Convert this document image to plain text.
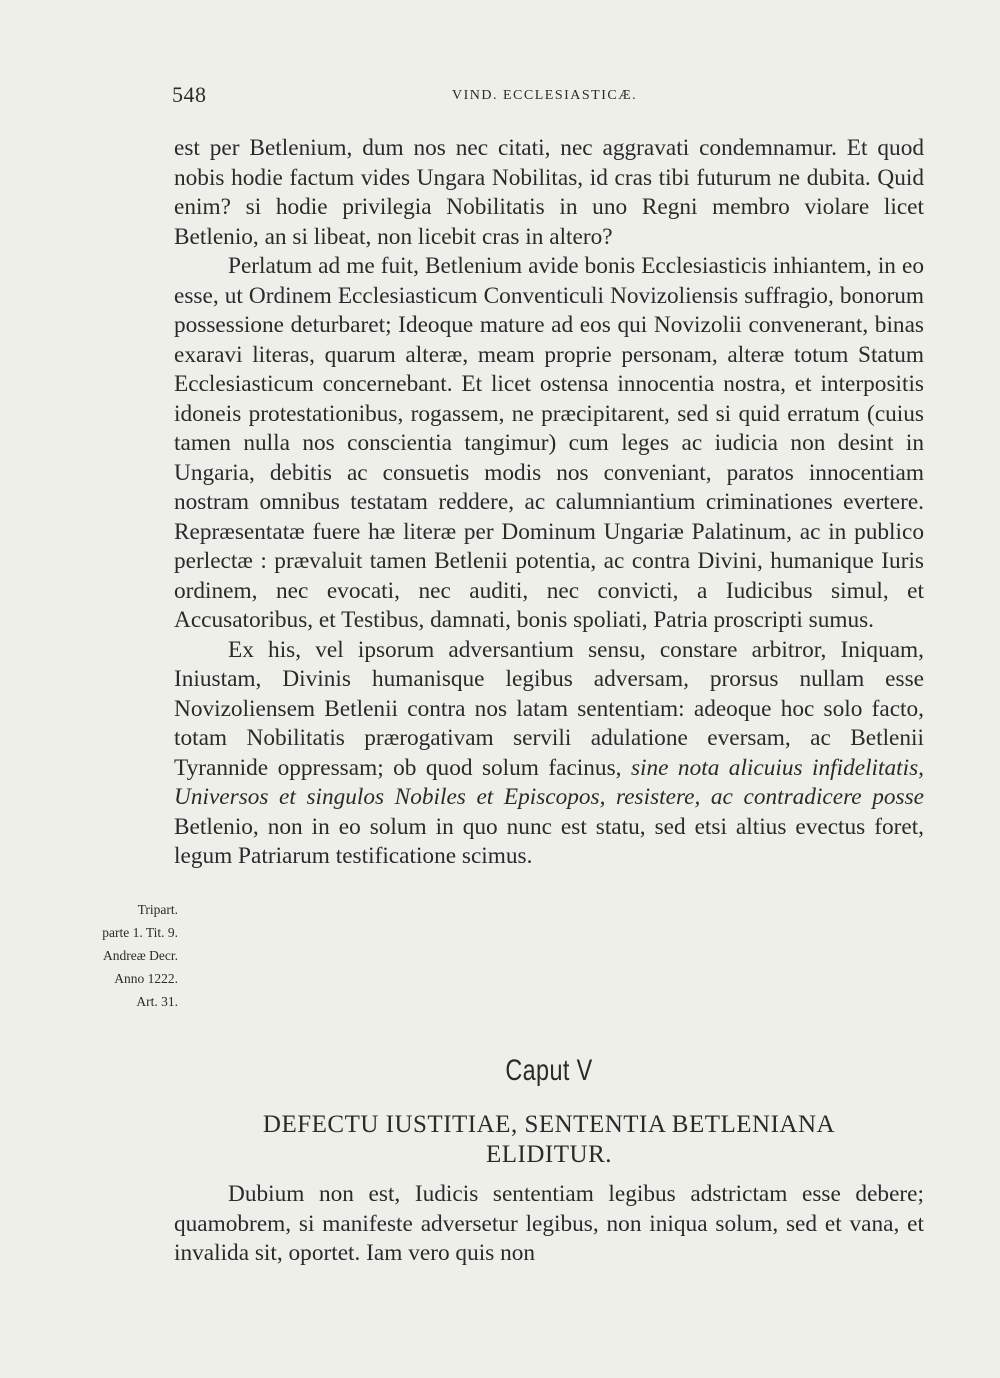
548	VIND. ECCLESIASTICÆ.

est per Betlenium, dum nos nec citati, nec aggravati condemnamur. Et quod nobis hodie factum vides Ungara Nobilitas, id cras tibi futurum ne dubita. Quid enim? si hodie privilegia Nobilitatis in uno Regni membro violare licet Betlenio, an si libeat, non licebit cras in altero?

Perlatum ad me fuit, Betlenium avide bonis Ecclesiasticis inhiantem, in eo esse, ut Ordinem Ecclesiasticum Conventiculi Novizoliensis suffragio, bonorum possessione deturbaret; Ideoque mature ad eos qui Novizolii convenerant, binas exaravi literas, quarum alteræ, meam proprie personam, alteræ totum Statum Ecclesiasticum concernebant. Et licet ostensa innocentia nostra, et interpositis idoneis protestationibus, rogassem, ne præcipitarent, sed si quid erratum (cuius tamen nulla nos conscientia tangimur) cum leges ac iudicia non desint in Ungaria, debitis ac consuetis modis nos conveniant, paratos innocentiam nostram omnibus testatam reddere, ac calumniantium criminationes evertere. Repræsentatæ fuere hæ literæ per Dominum Ungariæ Palatinum, ac in publico perlectæ : prævaluit tamen Betlenii potentia, ac contra Divini, humanique Iuris ordinem, nec evocati, nec auditi, nec convicti, a Iudicibus simul, et Accusatoribus, et Testibus, damnati, bonis spoliati, Patria proscripti sumus.

Ex his, vel ipsorum adversantium sensu, constare arbitror, Iniquam, Iniustam, Divinis humanisque legibus adversam, prorsus nullam esse Novizoliensem Betlenii contra nos latam sententiam: adeoque hoc solo facto, totam Nobilitatis prærogativam servili adulatione eversam, ac Betlenii Tyrannide oppressam; ob quod solum facinus, sine nota alicuius infidelitatis, Universos et singulos Nobiles et Episcopos, resistere, ac contradicere posse Betlenio, non in eo solum in quo nunc est statu, sed etsi altius evectus foret, legum Patriarum testificatione scimus.

Tripart.
parte 1. Tit. 9.
Andreæ Decr.
Anno 1222.
Art. 31.
Caput V
DEFECTU IUSTITIAE, SENTENTIA BETLENIANA
ELIDITUR.

Dubium non est, Iudicis sententiam legibus adstrictam esse debere; quamobrem, si manifeste adversetur legibus, non iniqua solum, sed et vana, et invalida sit, oportet. Iam vero quis non
